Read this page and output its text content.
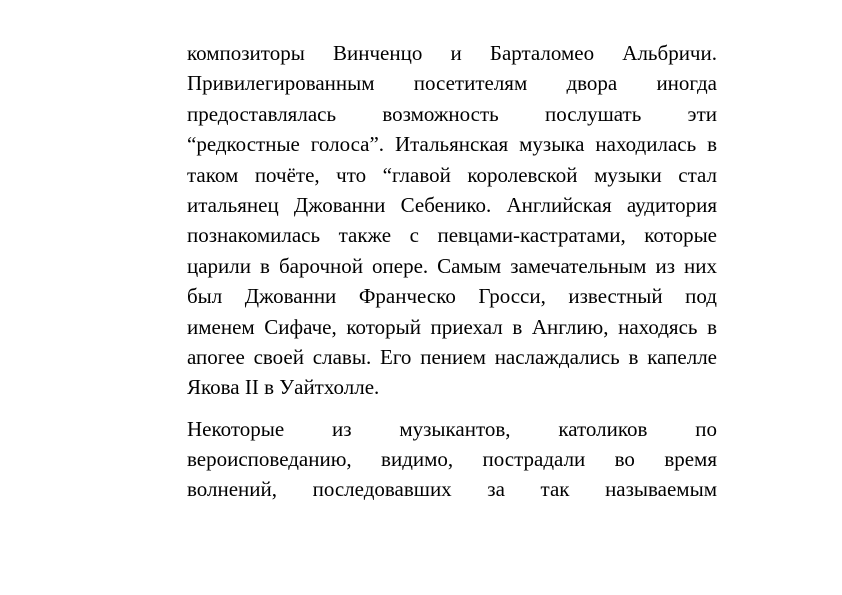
композиторы Винченцо и Барталомео Альбричи.
Привилегированным посетителям двора иногда
предоставлялась возможность послушать эти
“редкостные голоса”. Итальянская музыка находилась в
таком почёте, что “главой королевской музыки стал
итальянец Джованни Себенико. Английская аудитория
познакомилась также с певцами-кастратами, которые
царили в барочной опере. Самым замечательным из них
был Джованни Франческо Гросси, известный под
именем Сифаче, который приехал в Англию, находясь в
апогее своей славы. Его пением наслаждались в капелле
Якова II в Уайтхолле.
Некоторые из музыкантов, католиков по
вероисповеданию, видимо, пострадали во время
волнений, последовавших за так называемым
